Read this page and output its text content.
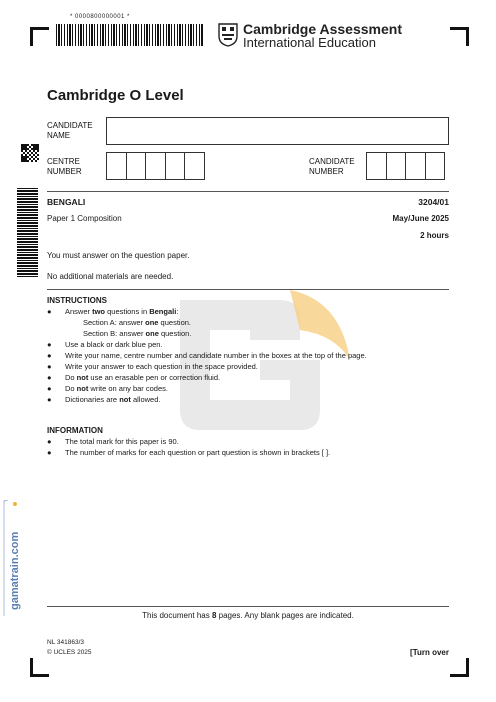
* 0000800000001 *
Cambridge Assessment
International Education
gamatrain.com
Cambridge O Level
CANDIDATE
NAME
CENTRE
NUMBER
CANDIDATE
NUMBER
BENGALI	3204/01
Paper 1 Composition	May/June 2025
2 hours
You must answer on the question paper.
No additional materials are needed.
INSTRUCTIONS
● Answer two questions in Bengali:
Section A: answer one question.
Section B: answer one question.
● Use a black or dark blue pen.
● Write your name, centre number and candidate number in the boxes at the top of the page.
● Write your answer to each question in the space provided.
● Do not use an erasable pen or correction fluid.
● Do not write on any bar codes.
● Dictionaries are not allowed.
INFORMATION
● The total mark for this paper is 90.
● The number of marks for each question or part question is shown in brackets [ ].
This document has 8 pages. Any blank pages are indicated.
NL 341863/3
© UCLES 2025	[Turn over
